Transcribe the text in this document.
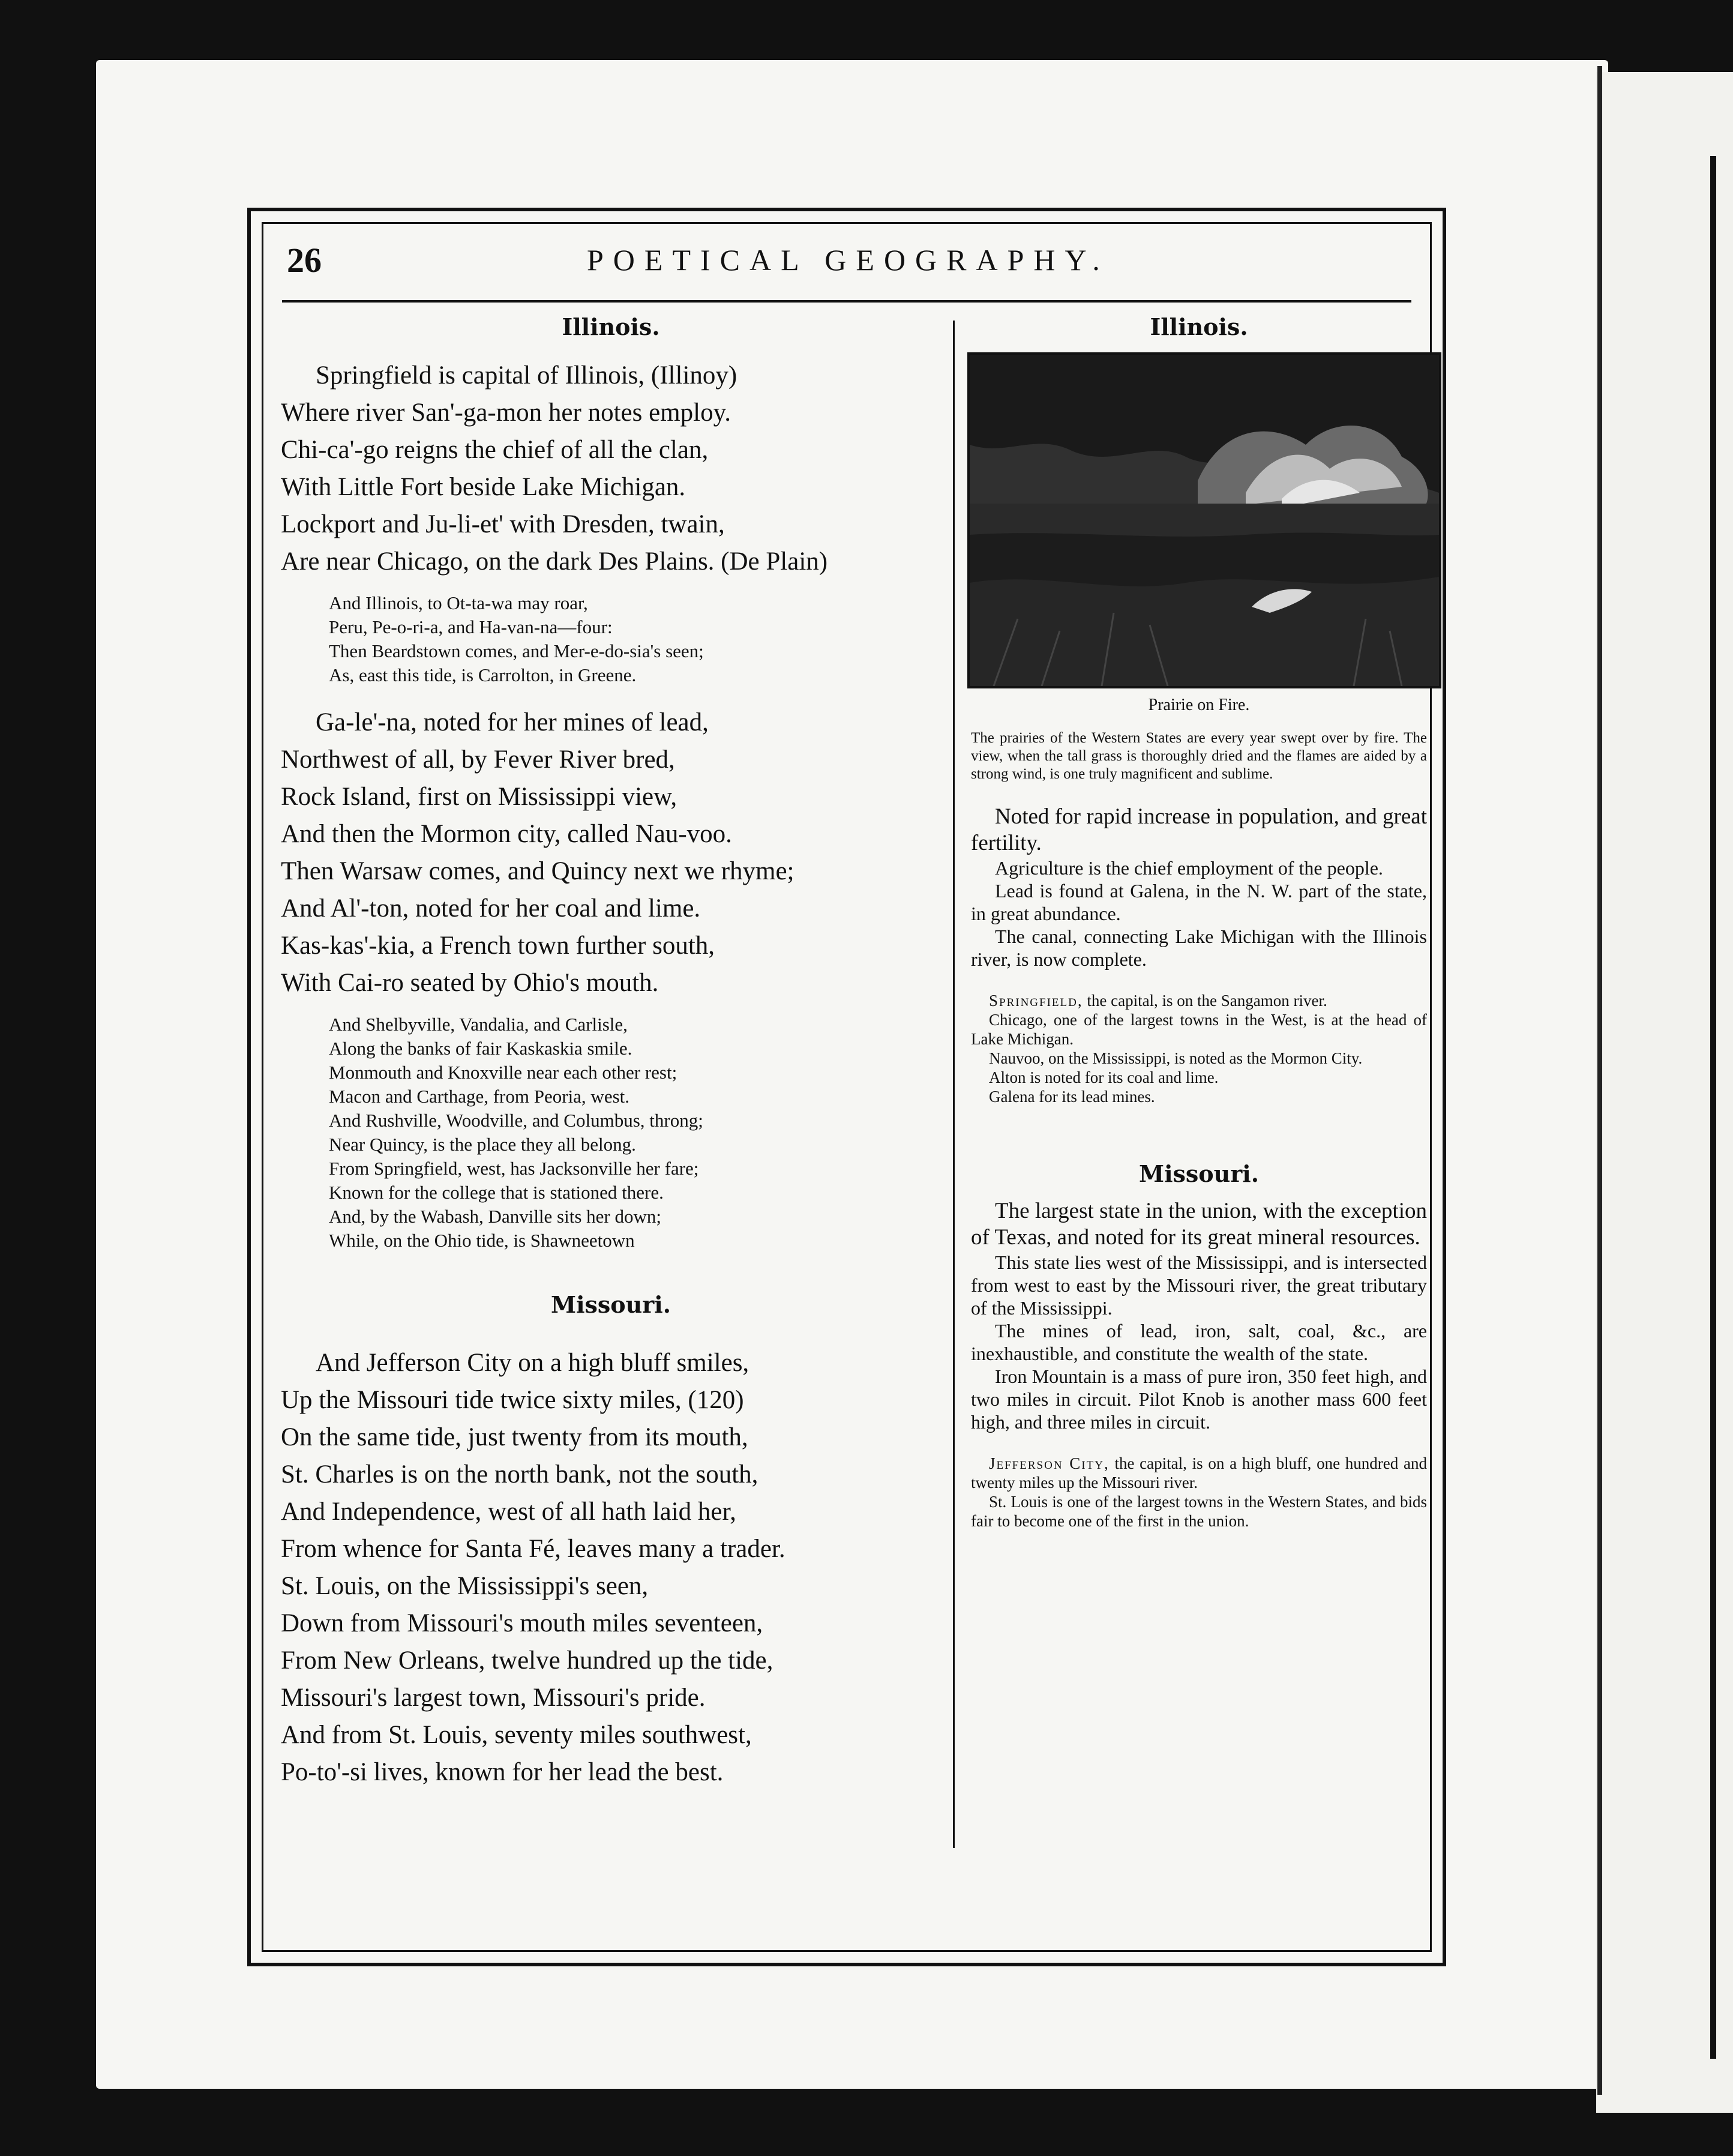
26	POETICAL GEOGRAPHY.
Illinois.
Springfield is capital of Illinois, (Illinoy)
Where river San'-ga-mon her notes employ.
Chi-ca'-go reigns the chief of all the clan,
With Little Fort beside Lake Michigan.
Lockport and Ju-li-et' with Dresden, twain,
Are near Chicago, on the dark Des Plains. (De Plain)
And Illinois, to Ot-ta-wa may roar,
Peru, Pe-o-ri-a, and Ha-van-na—four:
Then Beardstown comes, and Mer-e-do-sia's seen;
As, east this tide, is Carrolton, in Greene.
Ga-le'-na, noted for her mines of lead,
Northwest of all, by Fever River bred,
Rock Island, first on Mississippi view,
And then the Mormon city, called Nau-voo.
Then Warsaw comes, and Quincy next we rhyme;
And Al'-ton, noted for her coal and lime.
Kas-kas'-kia, a French town further south,
With Cai-ro seated by Ohio's mouth.
And Shelbyville, Vandalia, and Carlisle,
Along the banks of fair Kaskaskia smile.
Monmouth and Knoxville near each other rest;
Macon and Carthage, from Peoria, west.
And Rushville, Woodville, and Columbus, throng;
Near Quincy, is the place they all belong.
From Springfield, west, has Jacksonville her fare;
Known for the college that is stationed there.
And, by the Wabash, Danville sits her down;
While, on the Ohio tide, is Shawneetown
Missouri.
And Jefferson City on a high bluff smiles,
Up the Missouri tide twice sixty miles, (120)
On the same tide, just twenty from its mouth,
St. Charles is on the north bank, not the south,
And Independence, west of all hath laid her,
From whence for Santa Fé, leaves many a trader.
St. Louis, on the Mississippi's seen,
Down from Missouri's mouth miles seventeen,
From New Orleans, twelve hundred up the tide,
Missouri's largest town, Missouri's pride.
And from St. Louis, seventy miles southwest,
Po-to'-si lives, known for her lead the best.
Illinois.

Prairie on Fire.

The prairies of the Western States are every year swept over by fire. The view, when the tall grass is thoroughly dried and the flames are aided by a strong wind, is one truly magnificent and sublime.

Noted for rapid increase in population, and great fertility.

Agriculture is the chief employment of the people.

Lead is found at Galena, in the N. W. part of the state, in great abundance.

The canal, connecting Lake Michigan with the Illinois river, is now complete.

Springfield, the capital, is on the Sangamon river.

Chicago, one of the largest towns in the West, is at the head of Lake Michigan.

Nauvoo, on the Mississippi, is noted as the Mormon City.

Alton is noted for its coal and lime.

Galena for its lead mines.

Missouri.

The largest state in the union, with the exception of Texas, and noted for its great mineral resources.

This state lies west of the Mississippi, and is intersected from west to east by the Missouri river, the great tributary of the Mississippi.

The mines of lead, iron, salt, coal, &c., are inexhaustible, and constitute the wealth of the state.

Iron Mountain is a mass of pure iron, 350 feet high, and two miles in circuit. Pilot Knob is another mass 600 feet high, and three miles in circuit.

Jefferson City, the capital, is on a high bluff, one hundred and twenty miles up the Missouri river.

St. Louis is one of the largest towns in the Western States, and bids fair to become one of the first in the union.
